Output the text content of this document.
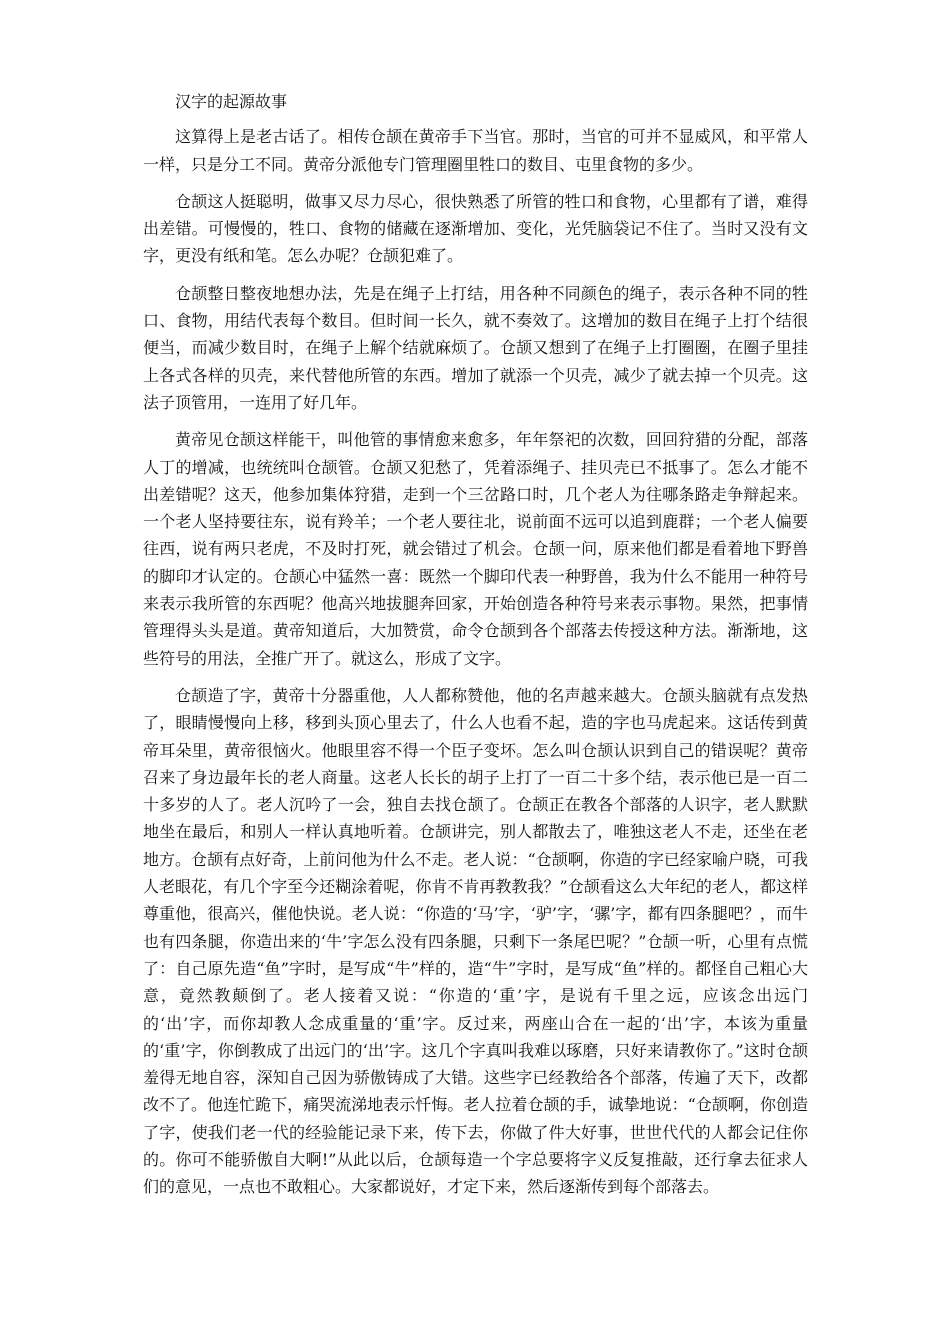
汉字的起源故事

这算得上是老古话了。相传仓颉在黄帝手下当官。那时，当官的可并不显威风，和平常人一样，只是分工不同。黄帝分派他专门管理圈里牲口的数目、屯里食物的多少。

仓颉这人挺聪明，做事又尽力尽心，很快熟悉了所管的牲口和食物，心里都有了谱，难得出差错。可慢慢的，牲口、食物的储藏在逐渐增加、变化，光凭脑袋记不住了。当时又没有文字，更没有纸和笔。怎么办呢？仓颉犯难了。

仓颉整日整夜地想办法，先是在绳子上打结，用各种不同颜色的绳子，表示各种不同的牲口、食物，用结代表每个数目。但时间一长久，就不奏效了。这增加的数目在绳子上打个结很便当，而减少数目时，在绳子上解个结就麻烦了。仓颉又想到了在绳子上打圈圈，在圈子里挂上各式各样的贝壳，来代替他所管的东西。增加了就添一个贝壳，减少了就去掉一个贝壳。这法子顶管用，一连用了好几年。

黄帝见仓颉这样能干，叫他管的事情愈来愈多，年年祭祀的次数，回回狩猎的分配，部落人丁的增减，也统统叫仓颉管。仓颉又犯愁了，凭着添绳子、挂贝壳已不抵事了。怎么才能不出差错呢？这天，他参加集体狩猎，走到一个三岔路口时，几个老人为往哪条路走争辩起来。一个老人坚持要往东，说有羚羊；一个老人要往北，说前面不远可以追到鹿群；一个老人偏要往西，说有两只老虎，不及时打死，就会错过了机会。仓颉一问，原来他们都是看着地下野兽的脚印才认定的。仓颉心中猛然一喜：既然一个脚印代表一种野兽，我为什么不能用一种符号来表示我所管的东西呢？他高兴地拔腿奔回家，开始创造各种符号来表示事物。果然，把事情管理得头头是道。黄帝知道后，大加赞赏，命令仓颉到各个部落去传授这种方法。渐渐地，这些符号的用法，全推广开了。就这么，形成了文字。

仓颉造了字，黄帝十分器重他，人人都称赞他，他的名声越来越大。仓颉头脑就有点发热了，眼睛慢慢向上移，移到头顶心里去了，什么人也看不起，造的字也马虎起来。这话传到黄帝耳朵里，黄帝很恼火。他眼里容不得一个臣子变坏。怎么叫仓颉认识到自己的错误呢？黄帝召来了身边最年长的老人商量。这老人长长的胡子上打了一百二十多个结，表示他已是一百二十多岁的人了。老人沉吟了一会，独自去找仓颉了。仓颉正在教各个部落的人识字，老人默默地坐在最后，和别人一样认真地听着。仓颉讲完，别人都散去了，唯独这老人不走，还坐在老地方。仓颉有点好奇，上前问他为什么不走。老人说：“仓颉啊，你造的字已经家喻户晓，可我人老眼花，有几个字至今还糊涂着呢，你肯不肯再教教我？”仓颉看这么大年纪的老人，都这样尊重他，很高兴，催他快说。老人说：“你造的‘马’字，‘驴’字，‘骡’字，都有四条腿吧？，而牛也有四条腿，你造出来的‘牛’字怎么没有四条腿，只剩下一条尾巴呢？”仓颉一听，心里有点慌了：自己原先造“鱼”字时，是写成“牛”样的，造“牛”字时，是写成“鱼”样的。都怪自己粗心大意，竟然教颠倒了。老人接着又说：“你造的‘重’字，是说有千里之远，应该念出远门的‘出’字，而你却教人念成重量的‘重’字。反过来，两座山合在一起的‘出’字，本该为重量的‘重’字，你倒教成了出远门的‘出’字。这几个字真叫我难以琢磨，只好来请教你了。”这时仓颉羞得无地自容，深知自己因为骄傲铸成了大错。这些字已经教给各个部落，传遍了天下，改都改不了。他连忙跪下，痛哭流涕地表示忏悔。老人拉着仓颉的手，诚挚地说：“仓颉啊，你创造了字，使我们老一代的经验能记录下来，传下去，你做了件大好事，世世代代的人都会记住你的。你可不能骄傲自大啊!”从此以后，仓颉每造一个字总要将字义反复推敲，还行拿去征求人们的意见，一点也不敢粗心。大家都说好，才定下来，然后逐渐传到每个部落去。
